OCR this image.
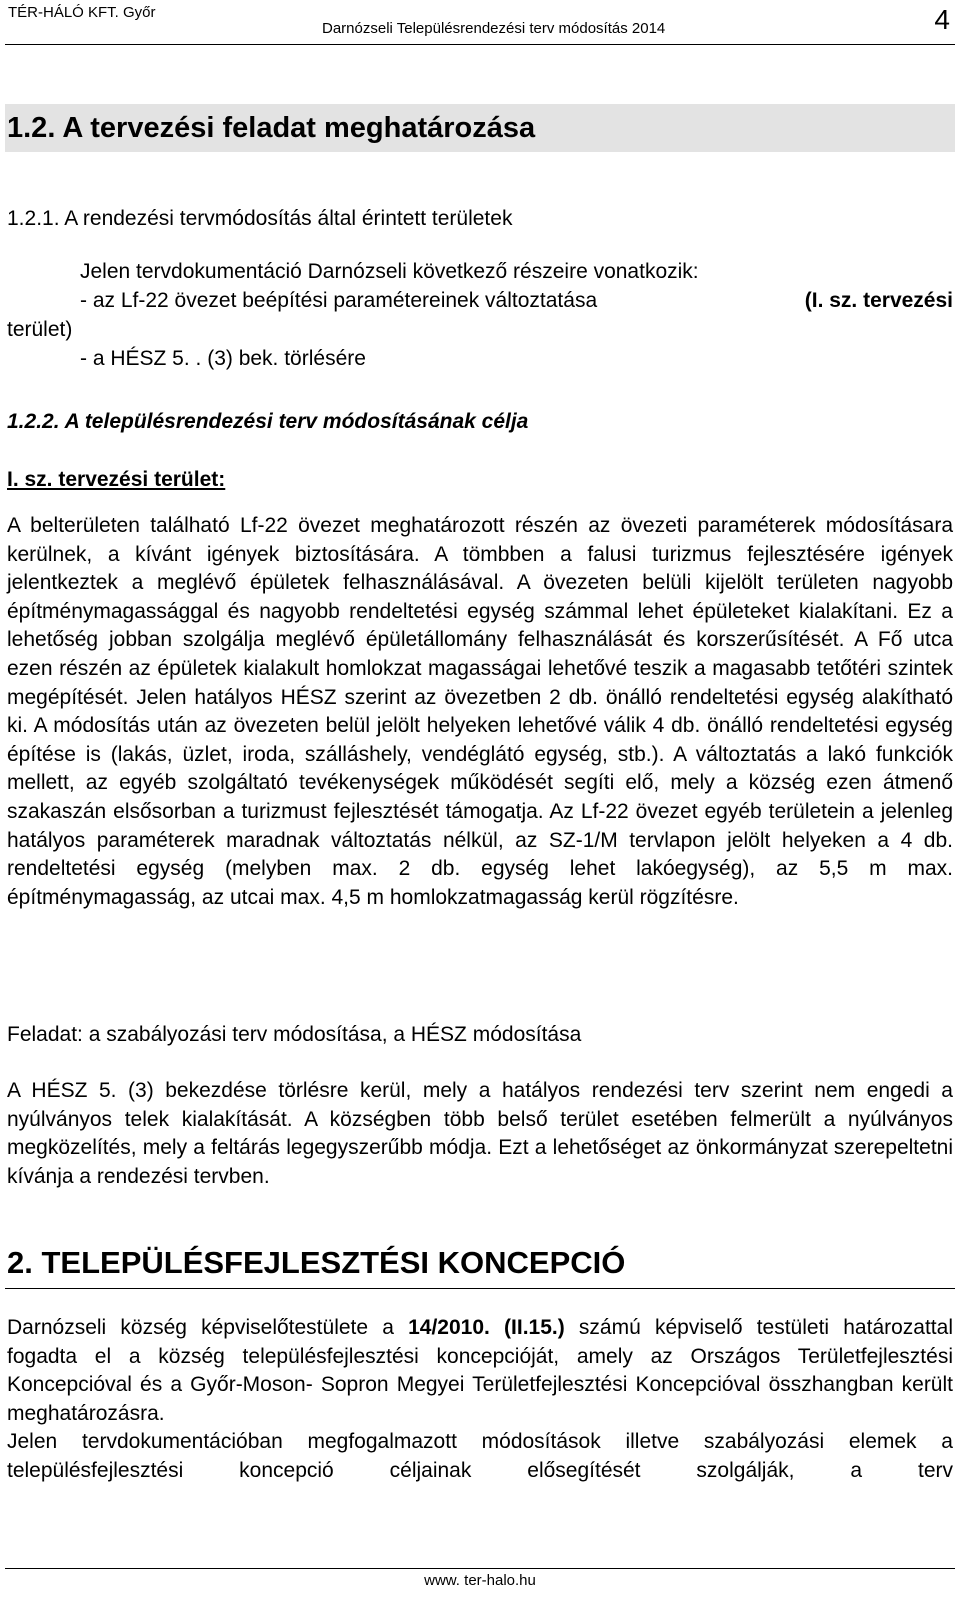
TÉR-HÁLÓ KFT. Győr
Darnózseli Településrendezési terv módosítás 2014	4
1.2. A tervezési feladat meghatározása
1.2.1. A rendezési tervmódosítás által érintett területek
Jelen tervdokumentáció Darnózseli következő részeire vonatkozik:
- az Lf-22 övezet beépítési paramétereinek változtatása	(I. sz. tervezési
terület)
- a HÉSZ 5. . (3) bek. törlésére
1.2.2. A településrendezési terv módosításának célja
I. sz. tervezési terület:
A belterületen található Lf-22 övezet meghatározott részén az övezeti paraméterek módosításara kerülnek, a kívánt igények biztosítására. A tömbben a falusi turizmus fejlesztésére igények jelentkeztek a meglévő épületek felhasználásával. A övezeten belüli kijelölt területen nagyobb építménymagassággal és nagyobb rendeltetési egység számmal lehet épületeket kialakítani. Ez a lehetőség jobban szolgálja meglévő épületállomány felhasználását és korszerűsítését. A Fő utca ezen részén az épületek kialakult homlokzat magasságai lehetővé teszik a magasabb tetőtéri szintek megépítését. Jelen hatályos HÉSZ szerint az övezetben 2 db. önálló rendeltetési egység alakítható ki. A módosítás után az övezeten belül jelölt helyeken lehetővé válik 4 db. önálló rendeltetési egység építése is (lakás, üzlet, iroda, szálláshely, vendéglátó egység, stb.). A változtatás a lakó funkciók mellett, az egyéb szolgáltató tevékenységek működését segíti elő, mely a község ezen átmenő szakaszán elsősorban a turizmust fejlesztését támogatja. Az Lf-22 övezet egyéb területein a jelenleg hatályos paraméterek maradnak változtatás nélkül, az SZ-1/M tervlapon jelölt helyeken a 4 db. rendeltetési egység (melyben max. 2 db. egység lehet lakóegység), az 5,5 m max. építménymagasság, az utcai max. 4,5 m homlokzatmagasság kerül rögzítésre.
Feladat: a szabályozási terv módosítása, a HÉSZ módosítása
A HÉSZ 5. (3) bekezdése törlésre kerül, mely a hatályos rendezési terv szerint nem engedi a nyúlványos telek kialakítását. A községben több belső terület esetében felmerült a nyúlványos megközelítés, mely a feltárás legegyszerűbb módja. Ezt a lehetőséget az önkormányzat szerepeltetni kívánja a rendezési tervben.
2. TELEPÜLÉSFEJLESZTÉSI KONCEPCIÓ
Darnózseli község képviselőtestülete a 14/2010. (II.15.) számú képviselő testületi határozattal fogadta el a község településfejlesztési koncepcióját, amely az Országos Területfejlesztési Koncepcióval és a Győr-Moson- Sopron Megyei Területfejlesztési Koncepcióval összhangban került meghatározásra.
Jelen tervdokumentációban megfogalmazott módosítások illetve szabályozási elemek a településfejlesztési koncepció céljainak elősegítését szolgálják, a terv
www. ter-halo.hu
